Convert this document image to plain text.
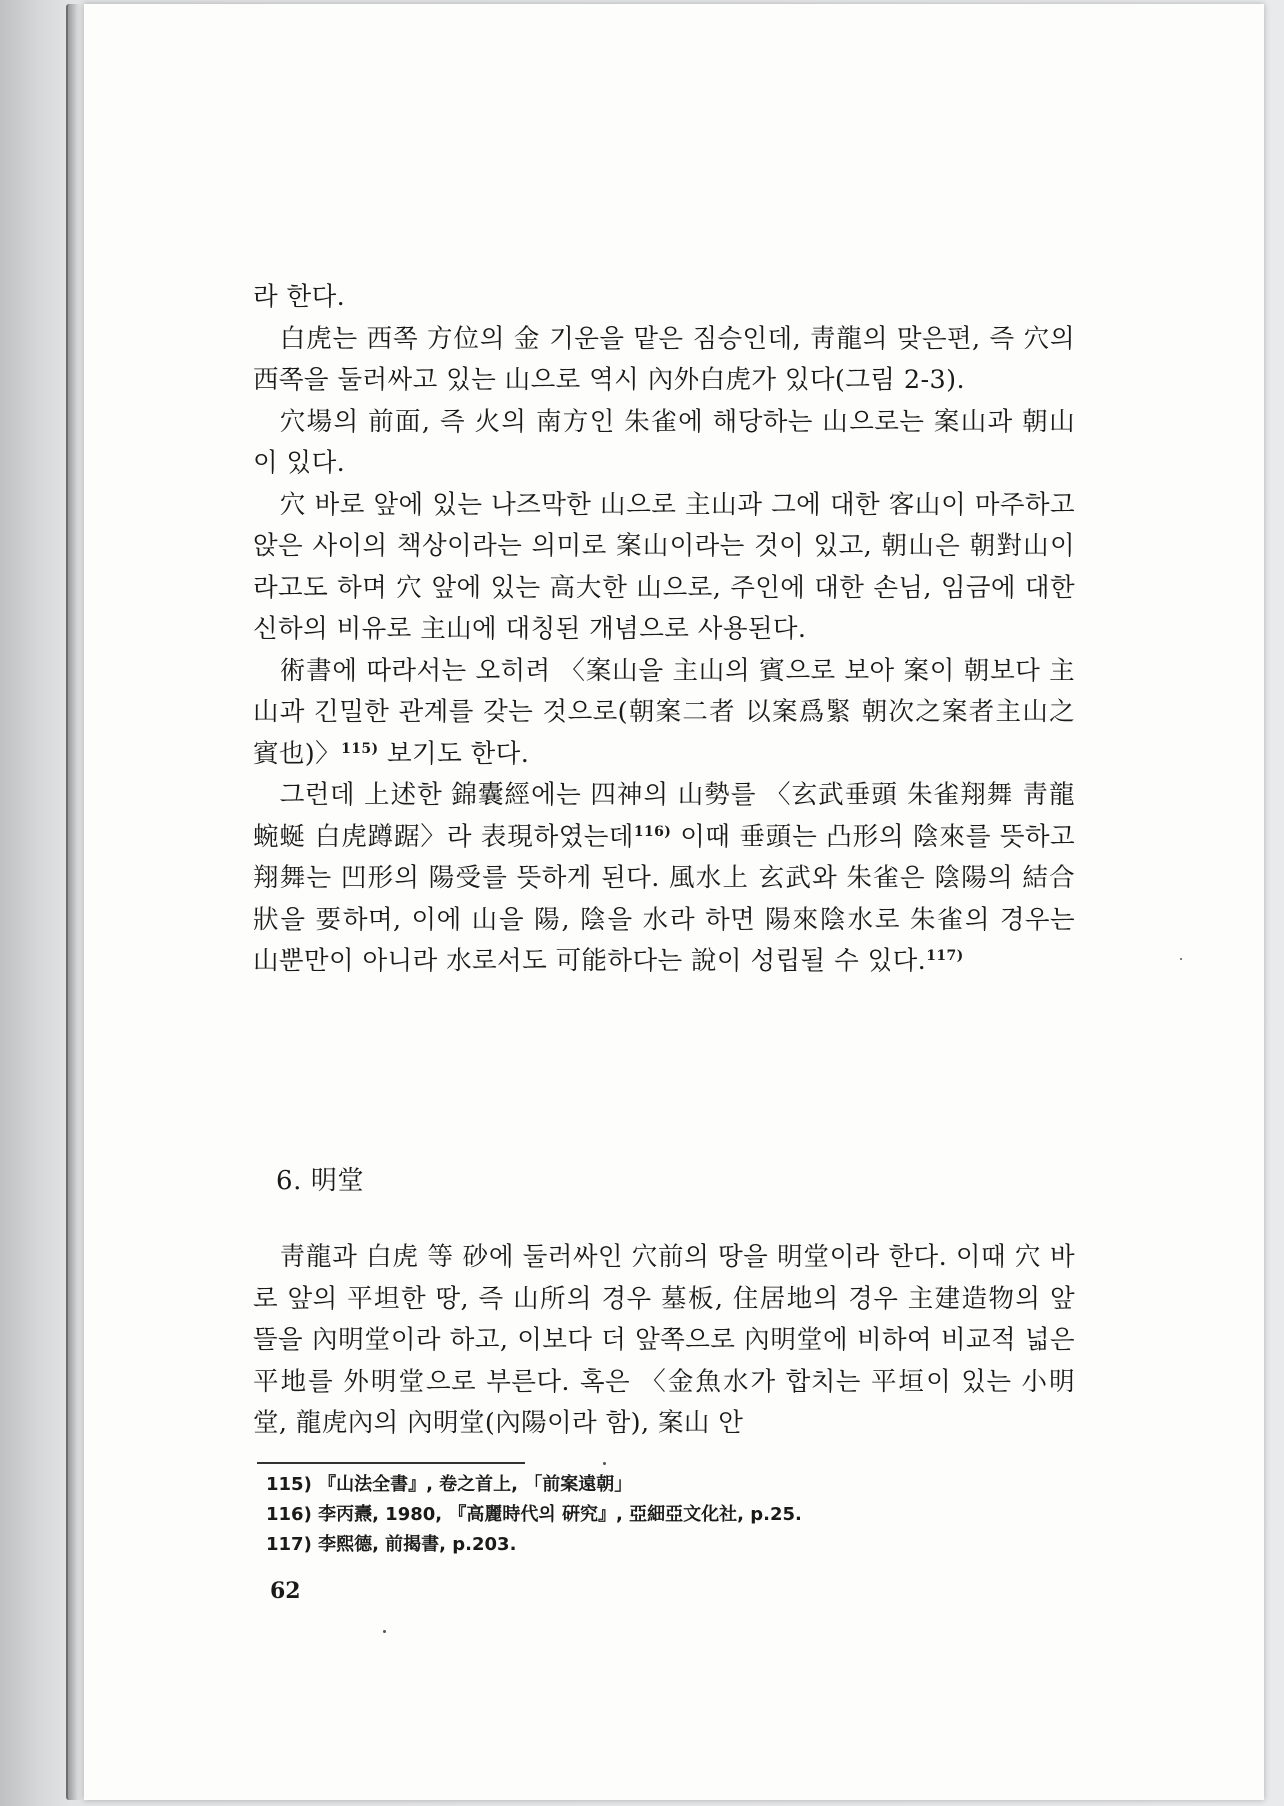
라 한다.

白虎는 西쪽 方位의 金 기운을 맡은 짐승인데, 靑龍의 맞은편, 즉 穴의 西쪽을 둘러싸고 있는 山으로 역시 內外白虎가 있다(그림 2-3).

穴場의 前面, 즉 火의 南方인 朱雀에 해당하는 山으로는 案山과 朝山이 있다.

穴 바로 앞에 있는 나즈막한 山으로 主山과 그에 대한 客山이 마주하고 앉은 사이의 책상이라는 의미로 案山이라는 것이 있고, 朝山은 朝對山이라고도 하며 穴 앞에 있는 高大한 山으로, 주인에 대한 손님, 임금에 대한 신하의 비유로 主山에 대칭된 개념으로 사용된다.

術書에 따라서는 오히려 〈案山을 主山의 賓으로 보아 案이 朝보다 主山과 긴밀한 관계를 갖는 것으로(朝案二者 以案爲緊 朝次之案者主山之賓也)〉$^{115)}$ 보기도 한다.

그런데 上述한 錦囊經에는 四神의 山勢를 〈玄武垂頭 朱雀翔舞 靑龍蜿蜒 白虎蹲踞〉라 表現하였는데$^{116)}$ 이때 垂頭는 凸形의 陰來를 뜻하고 翔舞는 凹形의 陽受를 뜻하게 된다. 風水上 玄武와 朱雀은 陰陽의 結合狀을 要하며, 이에 山을 陽, 陰을 水라 하면 陽來陰水로 朱雀의 경우는 山뿐만이 아니라 水로서도 可能하다는 說이 성립될 수 있다.$^{117)}$

6. 明堂

靑龍과 白虎 等 砂에 둘러싸인 穴前의 땅을 明堂이라 한다. 이때 穴 바로 앞의 平坦한 땅, 즉 山所의 경우 墓板, 住居地의 경우 主建造物의 앞뜰을 內明堂이라 하고, 이보다 더 앞쪽으로 內明堂에 비하여 비교적 넓은 平地를 外明堂으로 부른다. 혹은 〈金魚水가 합치는 平垣이 있는 小明堂, 龍虎內의 內明堂(內陽이라 함), 案山 안

115) 『山法全書』, 卷之首上, 「前案遠朝」
116) 李丙燾, 1980, 『高麗時代의 硏究』, 亞細亞文化社, p.25.
117) 李熙德, 前揭書, p.203.
62
